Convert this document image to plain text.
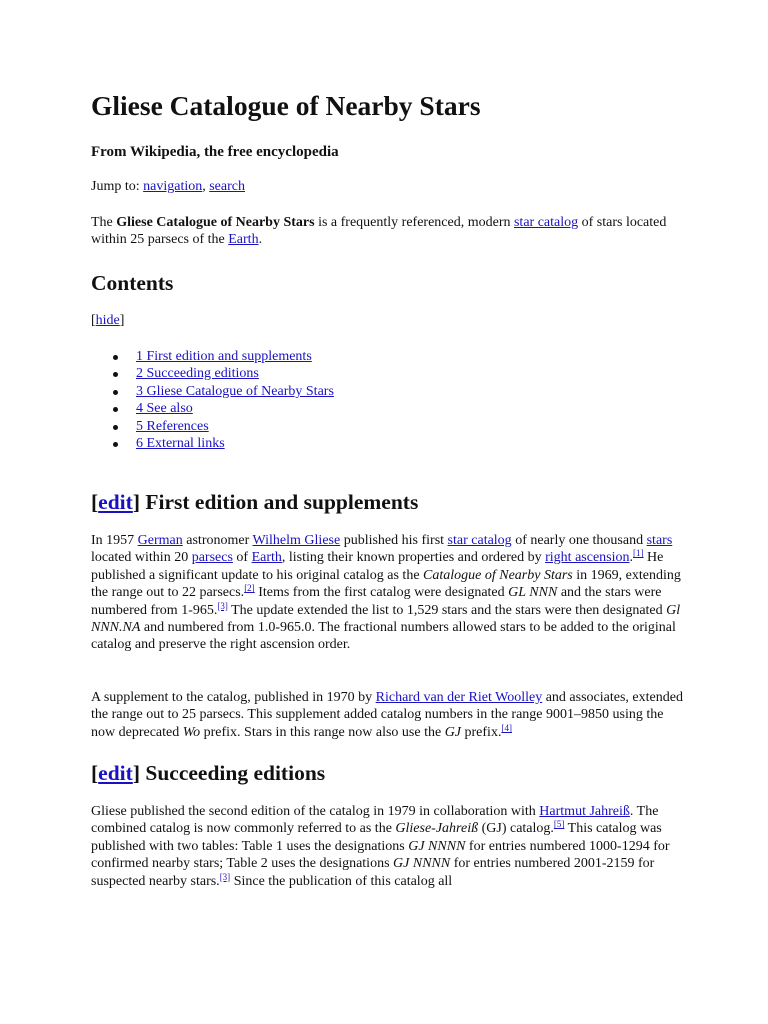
Gliese Catalogue of Nearby Stars

From Wikipedia, the free encyclopedia

Jump to: navigation, search

The Gliese Catalogue of Nearby Stars is a frequently referenced, modern star catalog of stars located within 25 parsecs of the Earth.

Contents

[hide]

1 First edition and supplements
2 Succeeding editions
3 Gliese Catalogue of Nearby Stars
4 See also
5 References
6 External links
[edit] First edition and supplements

In 1957 German astronomer Wilhelm Gliese published his first star catalog of nearly one thousand stars located within 20 parsecs of Earth, listing their known properties and ordered by right ascension.[1] He published a significant update to his original catalog as the Catalogue of Nearby Stars in 1969, extending the range out to 22 parsecs.[2] Items from the first catalog were designated GL NNN and the stars were numbered from 1-965.[3] The update extended the list to 1,529 stars and the stars were then designated Gl NNN.NA and numbered from 1.0-965.0. The fractional numbers allowed stars to be added to the original catalog and preserve the right ascension order.

A supplement to the catalog, published in 1970 by Richard van der Riet Woolley and associates, extended the range out to 25 parsecs. This supplement added catalog numbers in the range 9001–9850 using the now deprecated Wo prefix. Stars in this range now also use the GJ prefix.[4]

[edit] Succeeding editions

Gliese published the second edition of the catalog in 1979 in collaboration with Hartmut Jahreiß. The combined catalog is now commonly referred to as the Gliese-Jahreiß (GJ) catalog.[5] This catalog was published with two tables: Table 1 uses the designations GJ NNNN for entries numbered 1000-1294 for confirmed nearby stars; Table 2 uses the designations GJ NNNN for entries numbered 2001-2159 for suspected nearby stars.[3] Since the publication of this catalog all
